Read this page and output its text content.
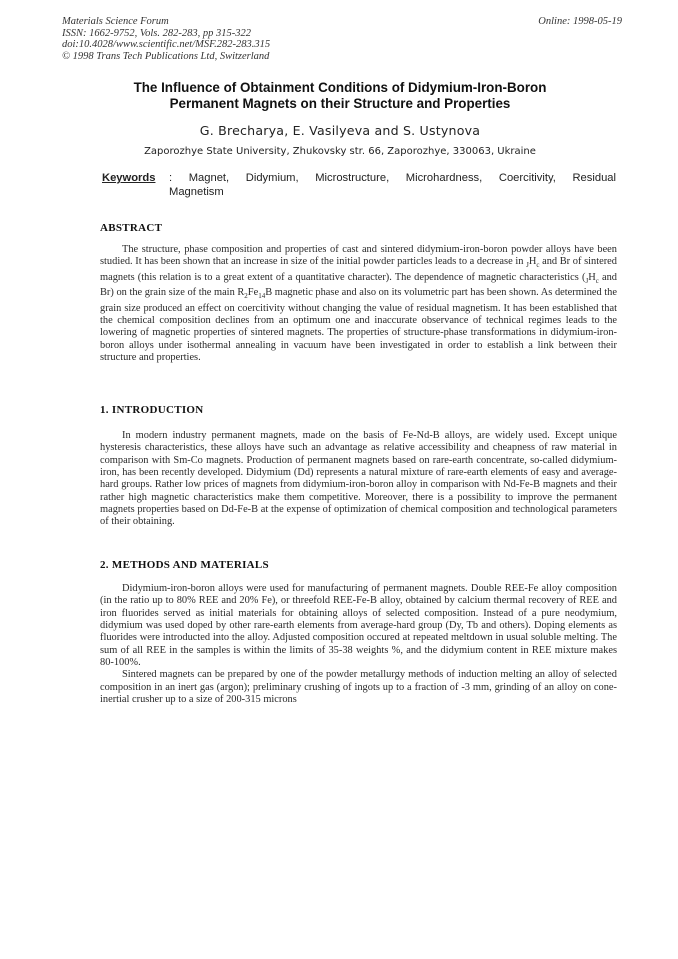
Materials Science Forum
ISSN: 1662-9752, Vols. 282-283, pp 315-322
doi:10.4028/www.scientific.net/MSF.282-283.315
© 1998 Trans Tech Publications Ltd, Switzerland
Online: 1998-05-19
The Influence of Obtainment Conditions of Didymium-Iron-Boron
Permanent Magnets on their Structure and Properties
G. Brecharya, E. Vasilyeva and S. Ustynova
Zaporozhye State University, Zhukovsky str. 66, Zaporozhye, 330063, Ukraine
Keywords : Magnet, Didymium, Microstructure, Microhardness, Coercitivity, Residual
Magnetism
ABSTRACT

The structure, phase composition and properties of cast and sintered didymium-iron-boron powder alloys have been studied. It has been shown that an increase in size of the initial powder particles leads to a decrease in $_JH_c$ and Br of sintered magnets (this relation is to a great extent of a quantitative character). The dependence of magnetic characteristics ($_JH_c$ and Br) on the grain size of the main $R_2Fe_{14}B$ magnetic phase and also on its volumetric part has been shown. As determined the grain size produced an effect on coercitivity without changing the value of residual magnetism. It has been established that the chemical composition declines from an optimum one and inaccurate observance of technical regimes leads to the lowering of magnetic properties of sintered magnets. The properties of structure-phase transformations in didymium-iron-boron alloys under isothermal annealing in vacuum have been investigated in order to establish a link between their structure and properties.

1. INTRODUCTION

In modern industry permanent magnets, made on the basis of Fe-Nd-B alloys, are widely used. Except unique hysteresis characteristics, these alloys have such an advantage as relative accessibility and cheapness of raw material in comparison with Sm-Co magnets. Production of permanent magnets based on rare-earth concentrate, so-called didymium-iron, has been recently developed. Didymium (Dd) represents a natural mixture of rare-earth elements of easy and average-hard groups. Rather low prices of magnets from didymium-iron-boron alloy in comparison with Nd-Fe-B magnets and their rather high magnetic characteristics make them competitive. Moreover, there is a possibility to improve the permanent magnets properties based on Dd-Fe-B at the expense of optimization of chemical composition and technological parameters of their obtaining.

2. METHODS AND MATERIALS

Didymium-iron-boron alloys were used for manufacturing of permanent magnets. Double REE-Fe alloy composition (in the ratio up to 80% REE and 20% Fe), or threefold REE-Fe-B alloy, obtained by calcium thermal recovery of REE and iron fluorides served as initial materials for obtaining alloys of selected composition. Instead of a pure neodymium, didymium was used doped by other rare-earth elements from average-hard group (Dy, Tb and others). Doping elements as fluorides were introducted into the alloy. Adjusted composition occured at repeated meltdown in usual soluble melting. The sum of all REE in the samples is within the limits of 35-38 weights %, and the didymium content in REE mixture makes 80-100%.

Sintered magnets can be prepared by one of the powder metallurgy methods of induction melting an alloy of selected composition in an inert gas (argon); preliminary crushing of ingots up to a fraction of -3 mm, grinding of an alloy on cone-inertial crusher up to a size of 200-315 microns
